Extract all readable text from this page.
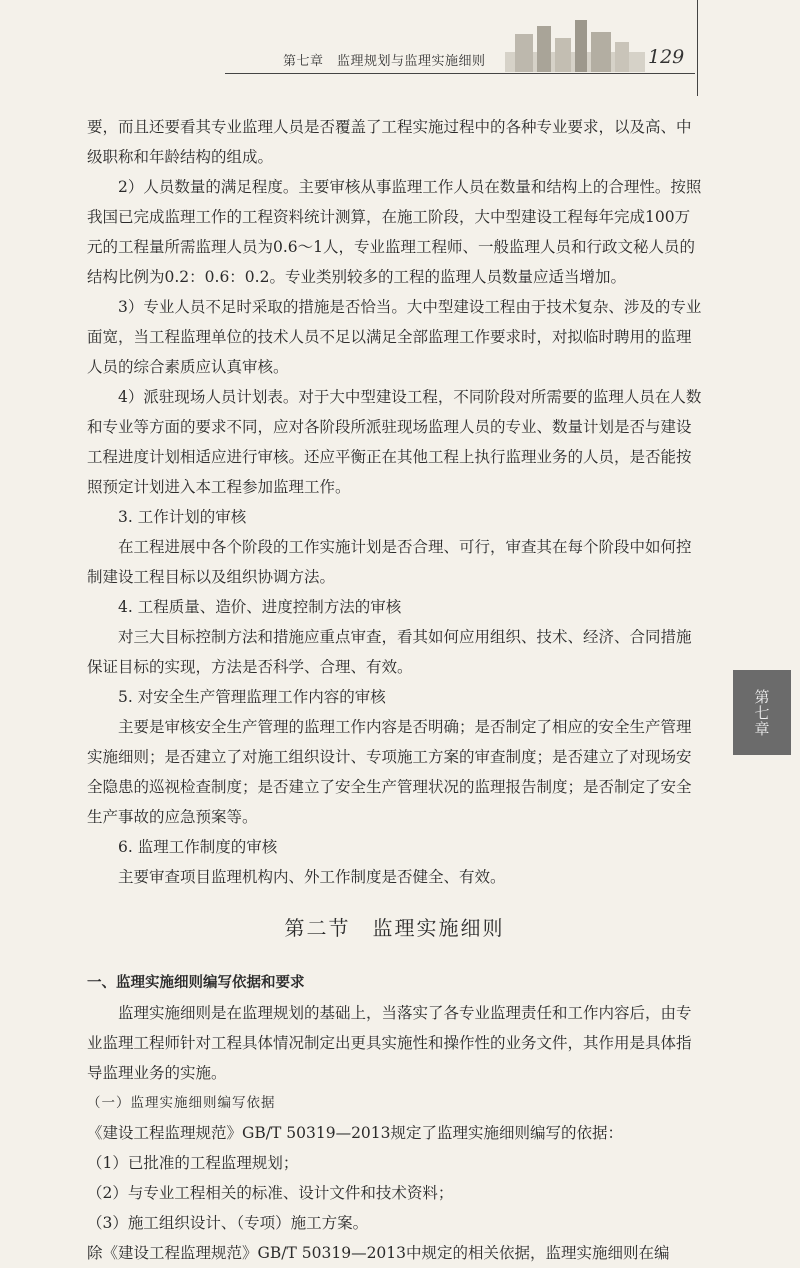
第七章　监理规划与监理实施细则	129
第七章

要，而且还要看其专业监理人员是否覆盖了工程实施过程中的各种专业要求，以及高、中级职称和年龄结构的组成。

2）人员数量的满足程度。主要审核从事监理工作人员在数量和结构上的合理性。按照我国已完成监理工作的工程资料统计测算，在施工阶段，大中型建设工程每年完成100万元的工程量所需监理人员为0.6～1人，专业监理工程师、一般监理人员和行政文秘人员的结构比例为0.2：0.6：0.2。专业类别较多的工程的监理人员数量应适当增加。

3）专业人员不足时采取的措施是否恰当。大中型建设工程由于技术复杂、涉及的专业面宽，当工程监理单位的技术人员不足以满足全部监理工作要求时，对拟临时聘用的监理人员的综合素质应认真审核。

4）派驻现场人员计划表。对于大中型建设工程，不同阶段对所需要的监理人员在人数和专业等方面的要求不同，应对各阶段所派驻现场监理人员的专业、数量计划是否与建设工程进度计划相适应进行审核。还应平衡正在其他工程上执行监理业务的人员，是否能按照预定计划进入本工程参加监理工作。

3. 工作计划的审核

在工程进展中各个阶段的工作实施计划是否合理、可行，审查其在每个阶段中如何控制建设工程目标以及组织协调方法。

4. 工程质量、造价、进度控制方法的审核

对三大目标控制方法和措施应重点审查，看其如何应用组织、技术、经济、合同措施保证目标的实现，方法是否科学、合理、有效。

5. 对安全生产管理监理工作内容的审核

主要是审核安全生产管理的监理工作内容是否明确；是否制定了相应的安全生产管理实施细则；是否建立了对施工组织设计、专项施工方案的审查制度；是否建立了对现场安全隐患的巡视检查制度；是否建立了安全生产管理状况的监理报告制度；是否制定了安全生产事故的应急预案等。

6. 监理工作制度的审核

主要审查项目监理机构内、外工作制度是否健全、有效。

第二节　监理实施细则

一、监理实施细则编写依据和要求

监理实施细则是在监理规划的基础上，当落实了各专业监理责任和工作内容后，由专业监理工程师针对工程具体情况制定出更具实施性和操作性的业务文件，其作用是具体指导监理业务的实施。

（一）监理实施细则编写依据

《建设工程监理规范》GB/T 50319—2013规定了监理实施细则编写的依据：

（1）已批准的工程监理规划；

（2）与专业工程相关的标准、设计文件和技术资料；

（3）施工组织设计、（专项）施工方案。

除《建设工程监理规范》GB/T 50319—2013中规定的相关依据，监理实施细则在编
